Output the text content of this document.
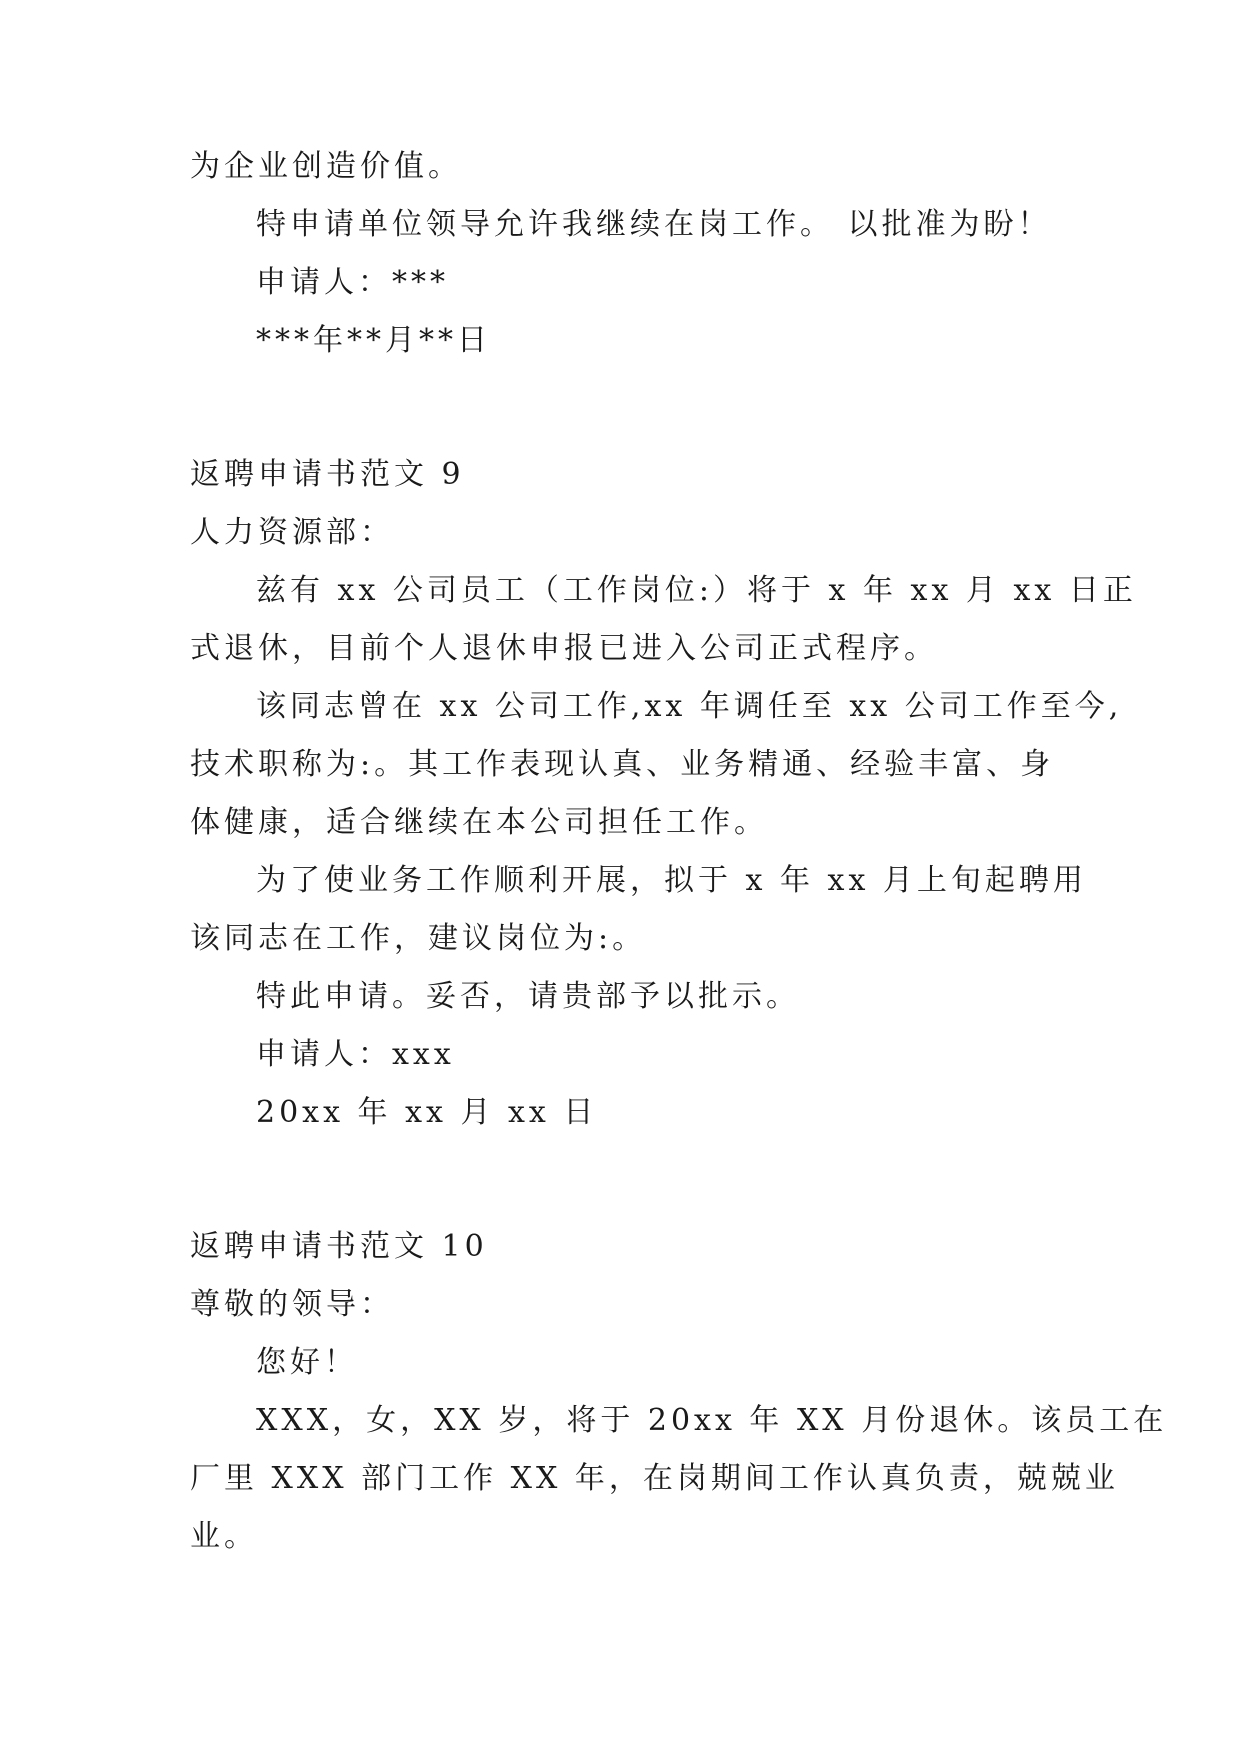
为企业创造价值。
特申请单位领导允许我继续在岗工作。 以批准为盼！
申请人：***
***年**月**日
返聘申请书范文 9
人力资源部：
兹有 xx 公司员工（工作岗位:）将于 x 年 xx 月 xx 日正
式退休，目前个人退休申报已进入公司正式程序。
该同志曾在 xx 公司工作,xx 年调任至 xx 公司工作至今,
技术职称为:。其工作表现认真、业务精通、经验丰富、身
体健康，适合继续在本公司担任工作。
为了使业务工作顺利开展，拟于 x 年 xx 月上旬起聘用
该同志在工作，建议岗位为:。
特此申请。妥否，请贵部予以批示。
申请人：xxx
20xx 年 xx 月 xx 日
返聘申请书范文 10
尊敬的领导：
您好！
XXX，女，XX 岁，将于 20xx 年 XX 月份退休。该员工在
厂里 XXX 部门工作 XX 年，在岗期间工作认真负责，兢兢业
业。
